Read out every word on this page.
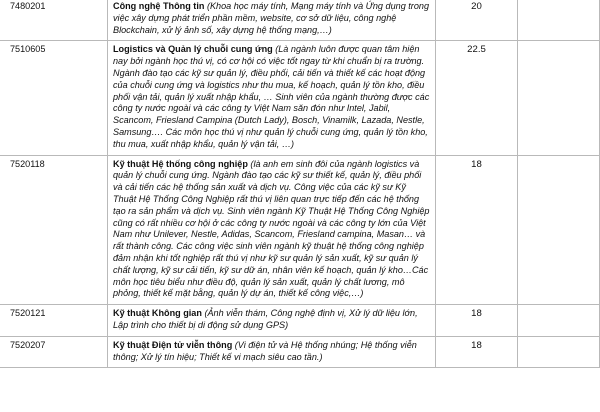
7480201	Công nghệ Thông tin (Khoa học máy tính, Mạng máy tính và Ứng dụng trong việc xây dựng phát triển phần mềm, website, cơ sở dữ liệu, công nghệ Blockchain, xử lý ảnh số, xây dựng hệ thống mạng,…)	20	
7510605	Logistics và Quản lý chuỗi cung ứng (Là ngành luôn được quan tâm hiện nay bởi ngành học thú vị, có cơ hội có việc tốt ngay từ khi chuẩn bị ra trường. Ngành đào tạo các kỹ sư quản lý, điều phối, cải tiến và thiết kế các hoạt động của chuỗi cung ứng và logistics như thu mua, kế hoạch, quản lý tồn kho, điều phối vận tải, quản lý xuất nhập khẩu, … Sinh viên của ngành thường được các công ty nước ngoài và các công ty Việt Nam săn đón như Intel, Jabil, Scancom, Friesland Campina (Dutch Lady), Bosch, Vinamilk, Lazada, Nestle, Samsung…. Các môn học thú vị như quản lý chuỗi cung ứng, quản lý tồn kho, thu mua, xuất nhập khẩu, quản lý vận tải, …)	22.5	
7520118	Kỹ thuật Hệ thống công nghiệp (là anh em sinh đôi của ngành logistics và quản lý chuỗi cung ứng. Ngành đào tạo các kỹ sư thiết kế, quản lý, điều phối và cải tiến các hệ thống sản xuất và dịch vụ. Công việc của các kỹ sư Kỹ Thuật Hệ Thống Công Nghiệp rất thú vị liên quan trực tiếp đến các hệ thống tạo ra sản phẩm và dịch vụ. Sinh viên ngành Kỹ Thuật Hệ Thống Công Nghiệp cũng có rất nhiều cơ hội ở các công ty nước ngoài và các công ty lớn của Việt Nam như Unilever, Nestle, Adidas, Scancom, Friesland campina, Masan… và rất thành công. Các công việc sinh viên ngành kỹ thuật hệ thống công nghiệp đảm nhận khi tốt nghiệp rất thú vị như kỹ sư quản lý sản xuất, kỹ sư quản lý chất lượng, kỹ sư cải tiến, kỹ sư dữ án, nhân viên kế hoạch, quản lý kho…Các môn học tiêu biểu như điều độ, quản lý sản xuất, quản lý chất lương, mô phỏng, thiết kế mặt bằng, quản lý dự án, thiết kế công việc,…)	18	
7520121	Kỹ thuật Không gian (Ảnh viễn thám, Công nghệ định vị, Xử lý dữ liệu lớn, Lập trình cho thiết bị di động sử dụng GPS)	18	
7520207	Kỹ thuật Điện tử viễn thông (Vi điện tử và Hệ thống nhúng; Hệ thống viễn thông; Xử lý tín hiệu; Thiết kế vi mạch siêu cao tần.)	18	
